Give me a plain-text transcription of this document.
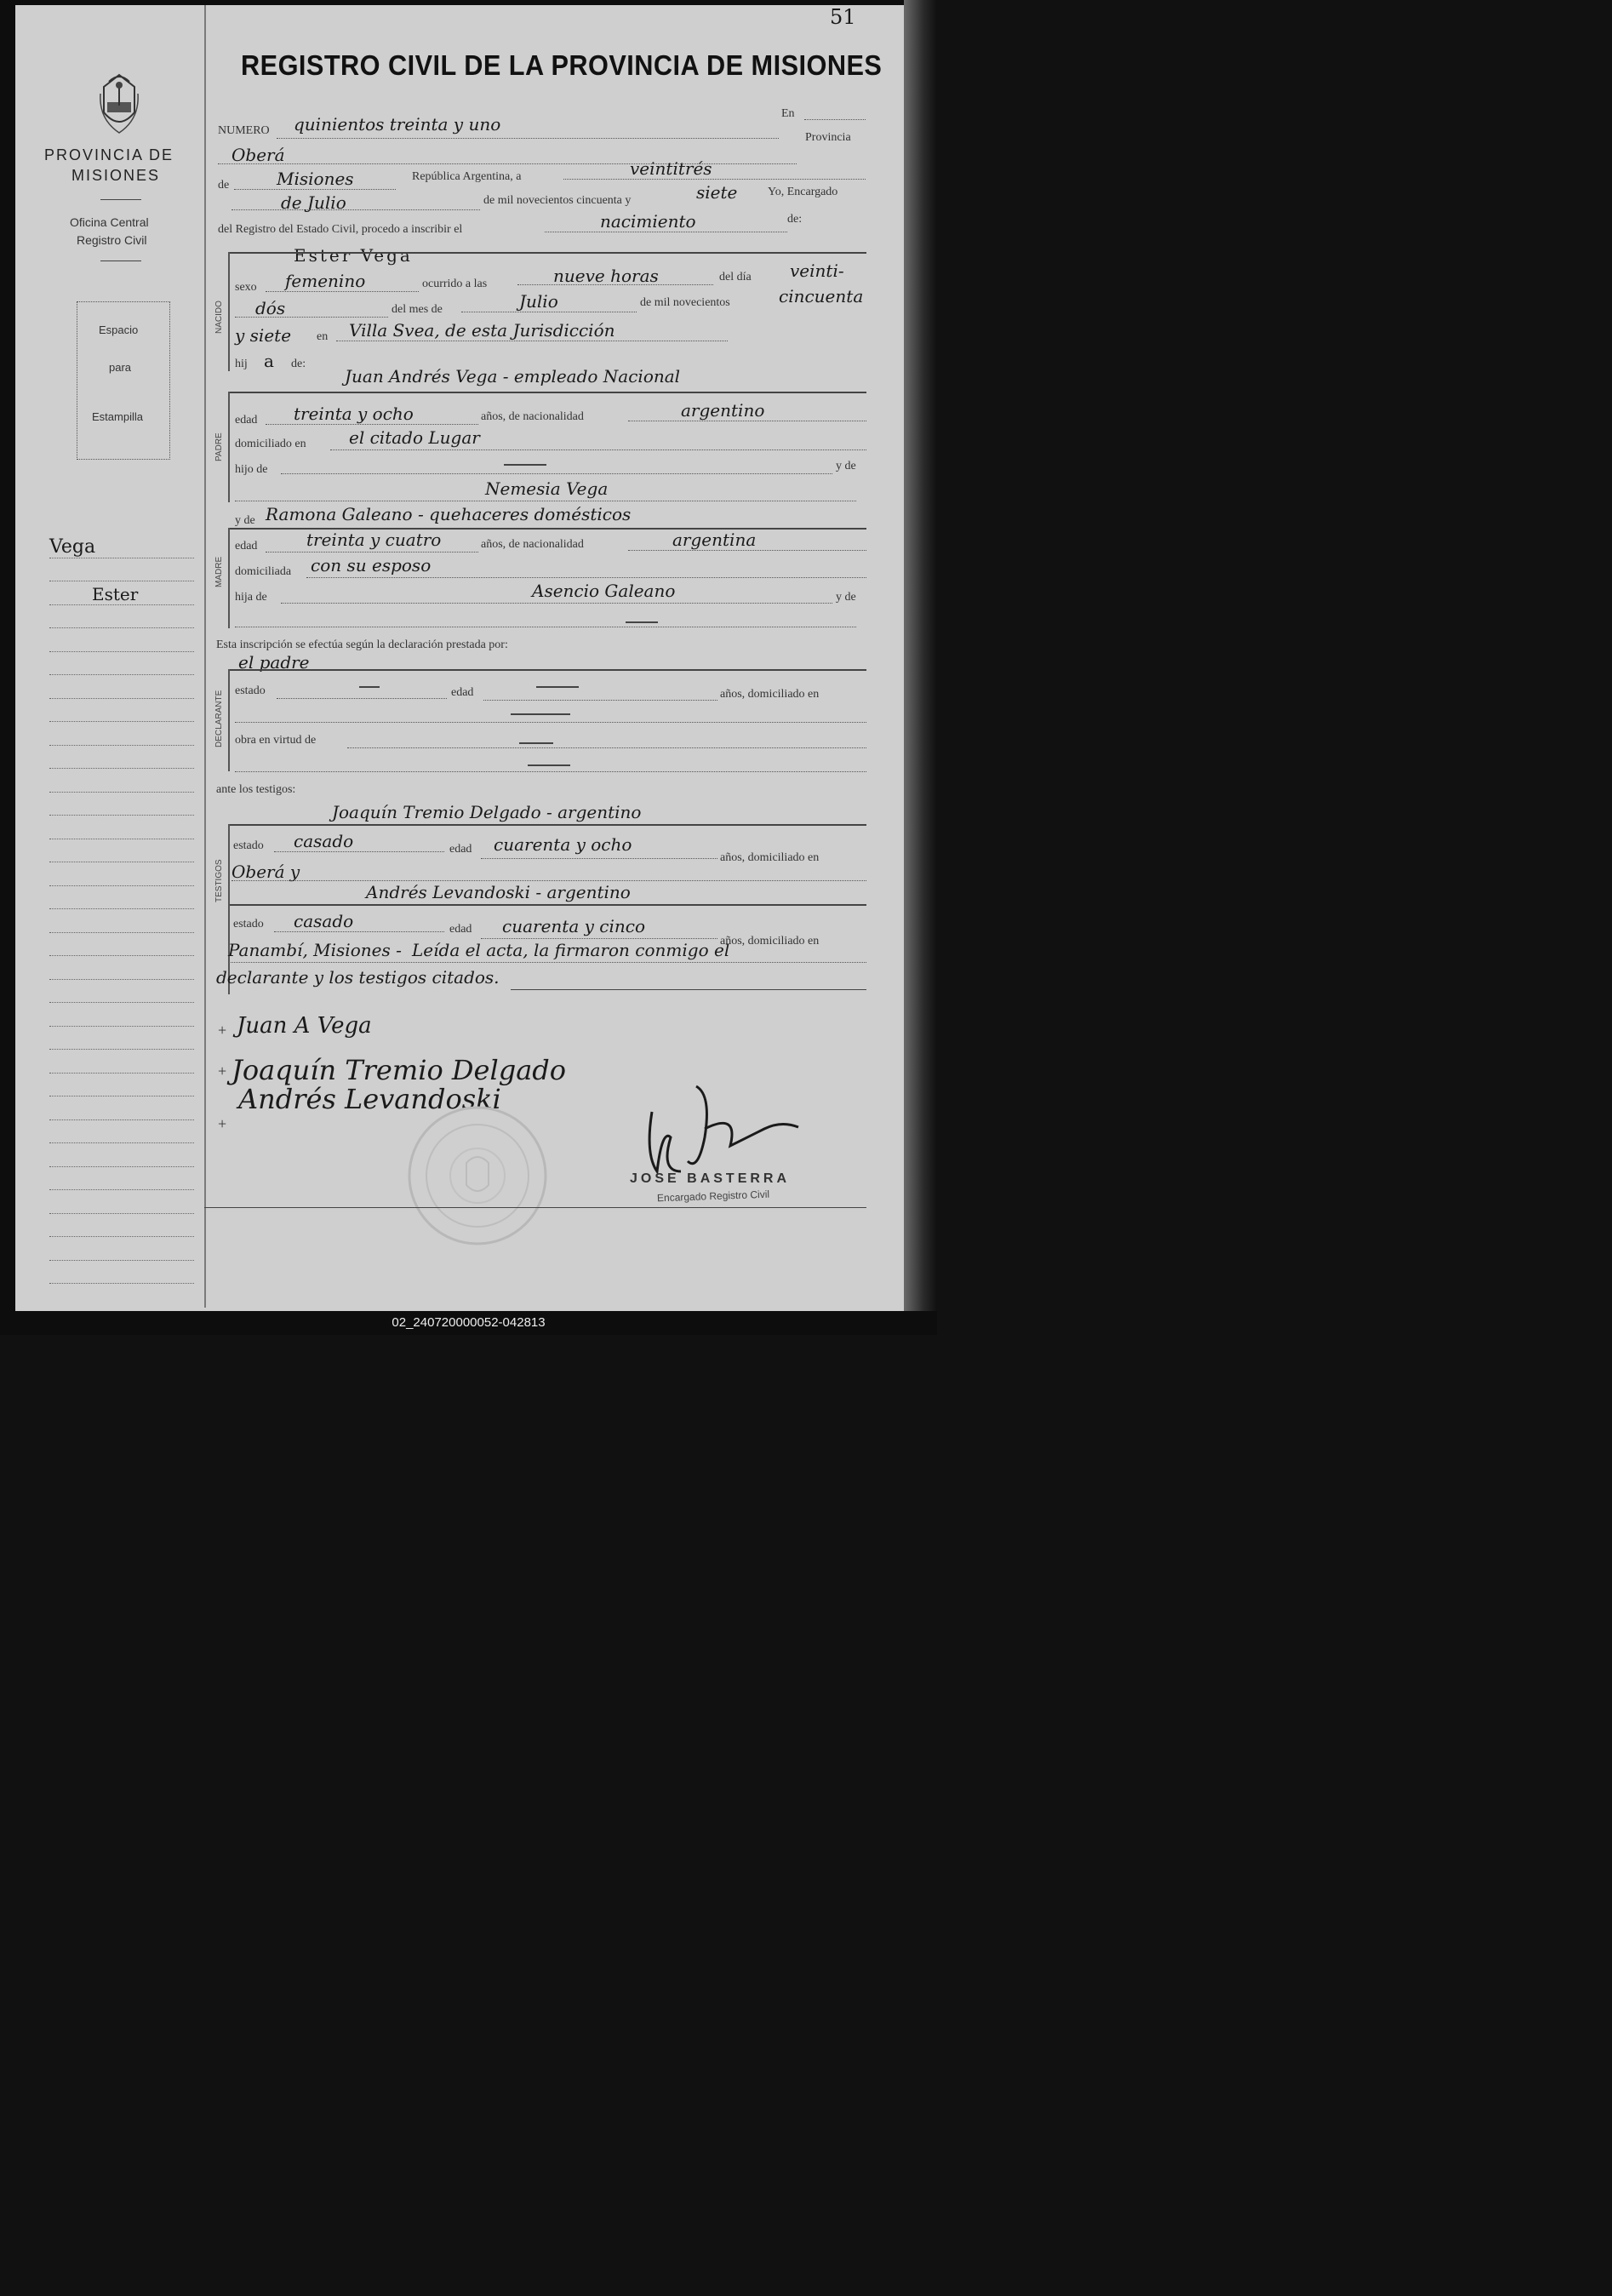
51
REGISTRO CIVIL DE LA PROVINCIA DE MISIONES
PROVINCIA DE
MISIONES
Oficina Central
Registro Civil
Espacio
para
Estampilla
Vega
Ester
NUMERO quinientos treinta y uno
En
Oberá
Provincia
de	Misiones	República Argentina, a	veintitrés
de Julio	de mil novecientos cincuenta y	siete	Yo, Encargado
del Registro del Estado Civil, procedo a inscribir el	nacimiento	de:
Ester Vega
NACIDO
sexo femenino	ocurrido a las	nueve horas	del día veinti-
dós	del mes de	Julio	de mil novecientos	cincuenta
y siete en Villa Svea, de esta Jurisdicción
hij a de:
Juan Andrés Vega - empleado Nacional
PADRE
edad treinta y ocho	años, de nacionalidad	argentino
domiciliado en	el citado Lugar
hijo de	y de
Nemesia Vega
y de Ramona Galeano - quehaceres domésticos
MADRE
edad	treinta y cuatro	años, de nacionalidad	argentina
domiciliada con su esposo
hija de	Asencio Galeano	y de
Esta inscripción se efectúa según la declaración prestada por:
el padre
DECLARANTE estado	edad	años, domiciliado en
obra en virtud de
ante los testigos:
Joaquín Tremio Delgado - argentino
TESTIGOS
estado casado	edad cuarenta y ocho
años, domiciliado en
Oberá y
Andrés Levandoski - argentino
estado casado	edad cuarenta y cinco
años, domiciliado en
Panambí, Misiones - Leída el acta, la firmaron conmigo el
declarante y los testigos citados.
+ Juan A Vega
+ Joaquín Tremio Delgado
Andrés Levandoski
+
JOSE BASTERRA
Encargado Registro Civil
02_240720000052-042813
